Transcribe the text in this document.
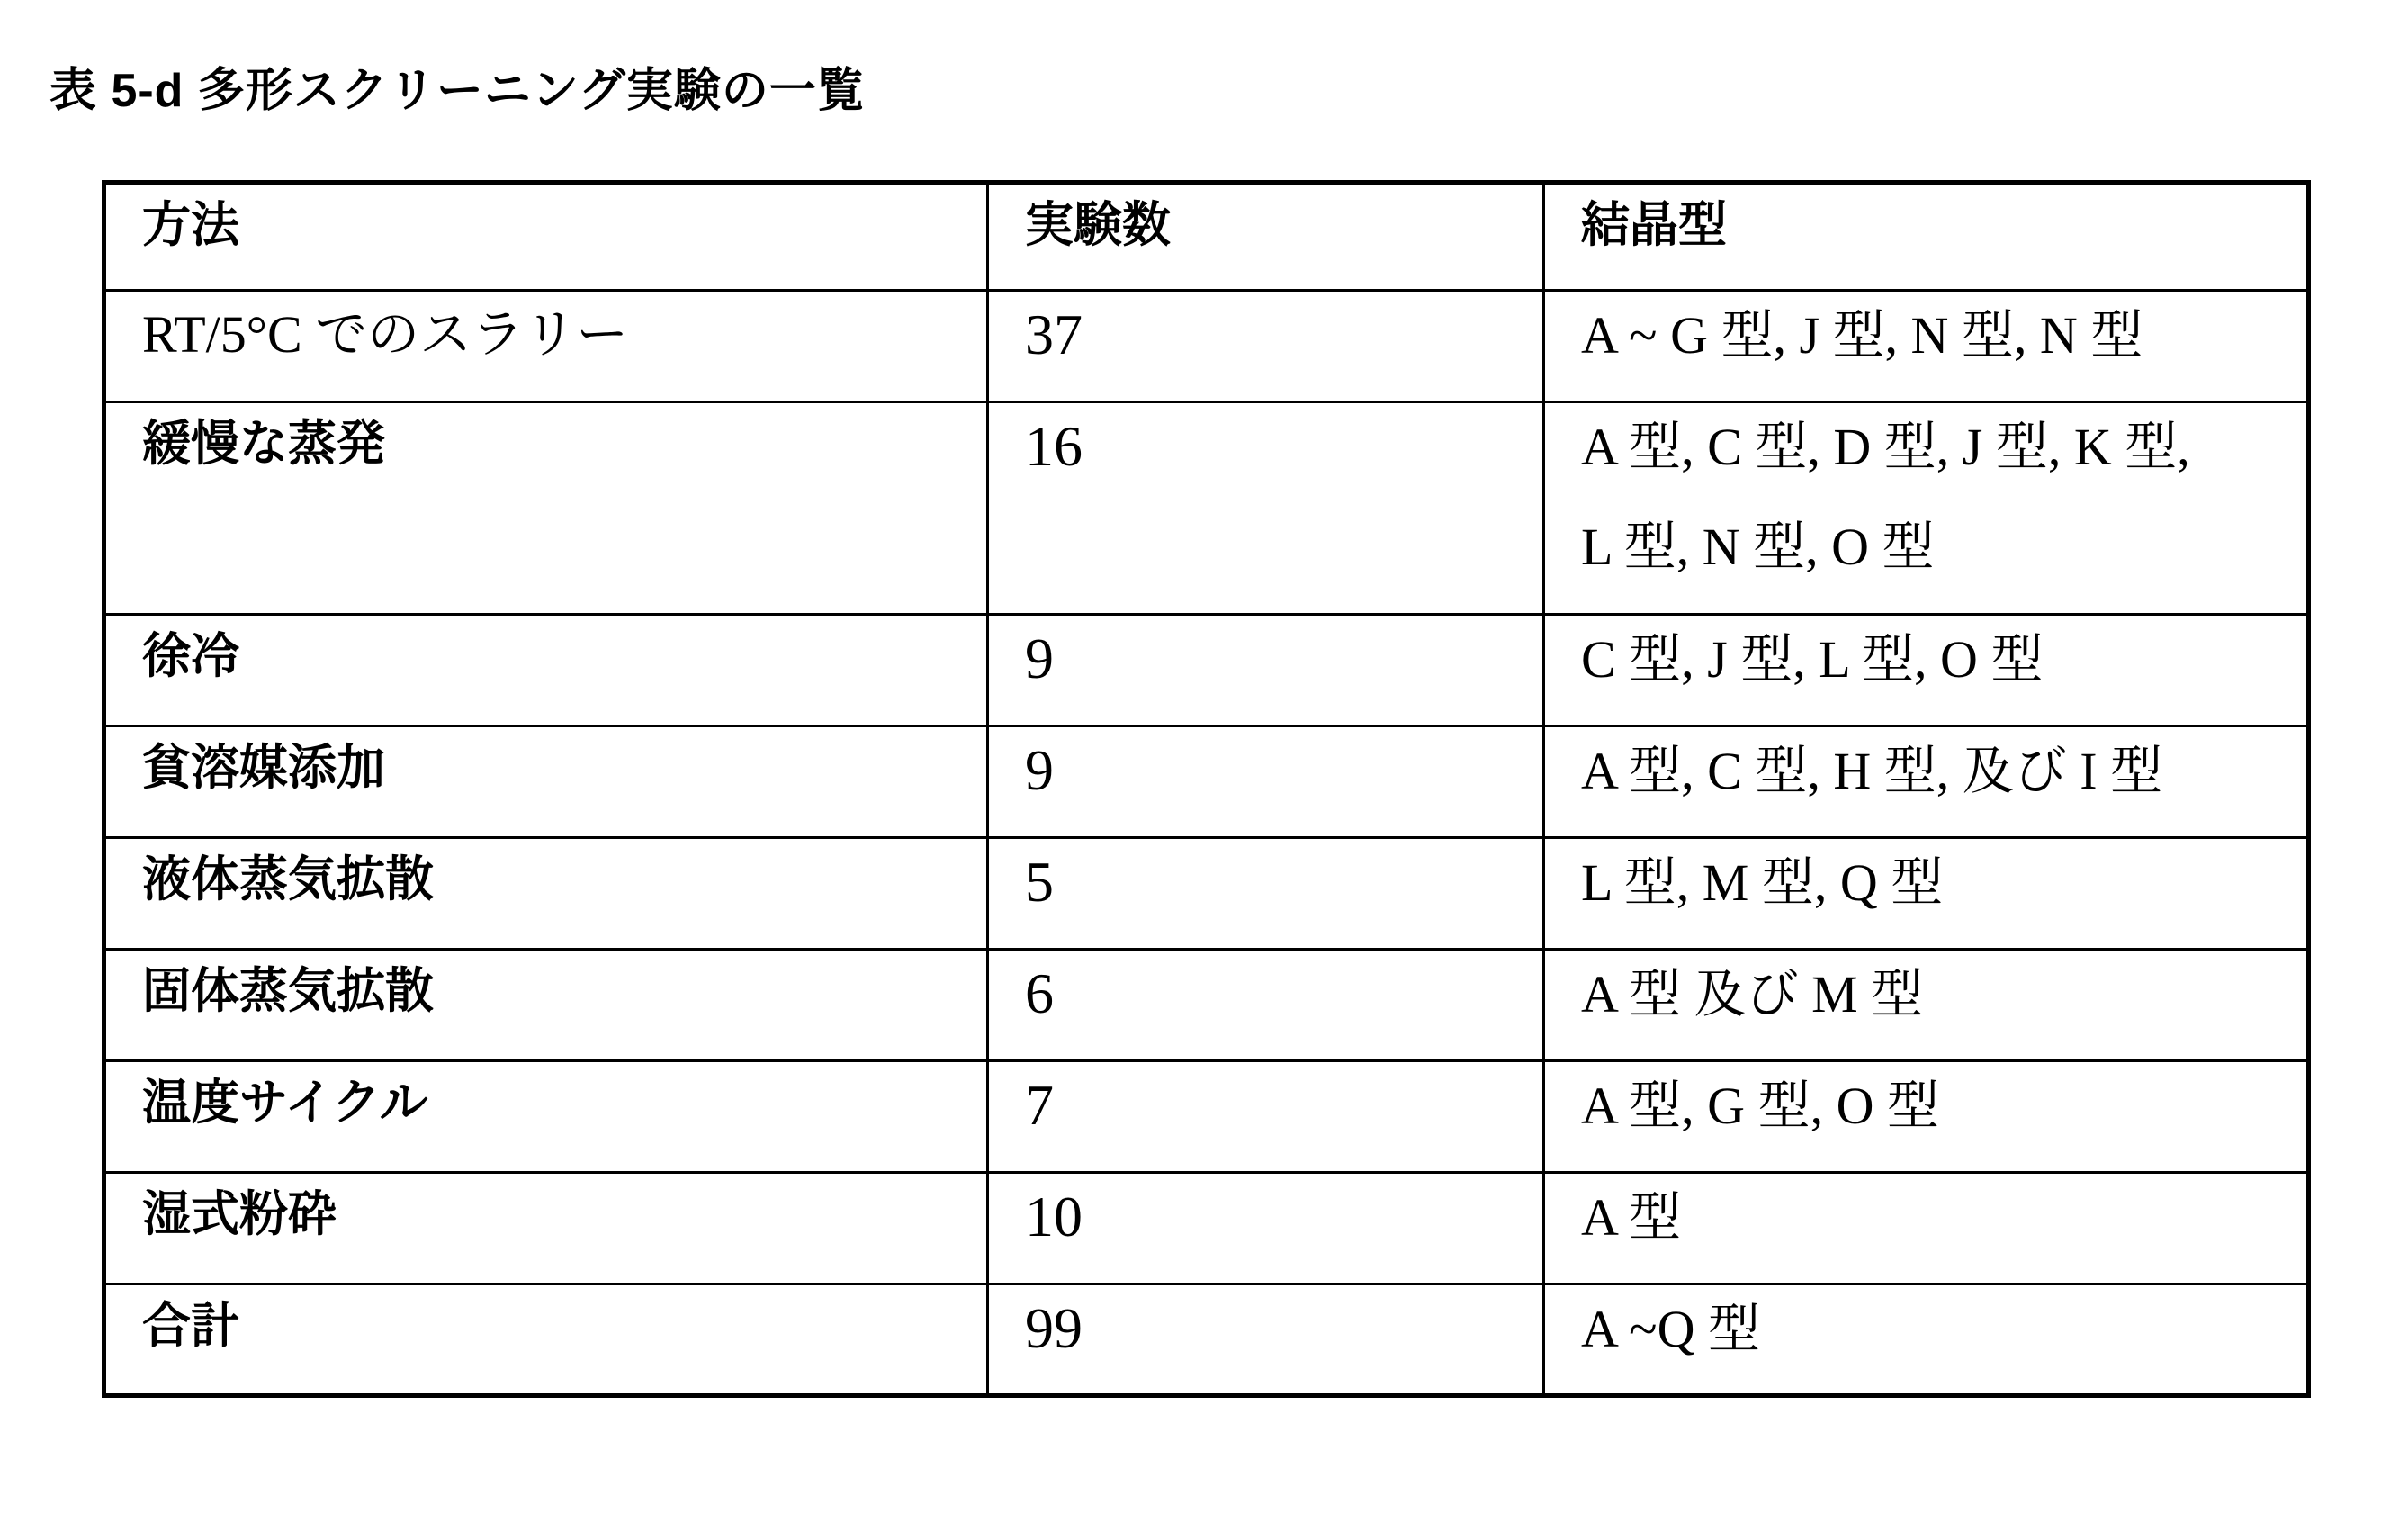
表 5-d 多形スクリーニング実験の一覧
方法	実験数	結晶型
RT/5°C でのスラリー	37	A ~ G 型, J 型, N 型, N 型

緩慢な蒸発	16	A 型, C 型, D 型, J 型, K 型,
L 型, N 型, O 型

徐冷	9	C 型, J 型, L 型, O 型

貧溶媒添加	9	A 型, C 型, H 型, 及び I 型

液体蒸気拡散	5	L 型, M 型, Q 型

固体蒸気拡散	6	A 型 及び M 型

温度サイクル	7	A 型, G 型, O 型

湿式粉砕	10	A 型

合計	99	A ~Q 型
